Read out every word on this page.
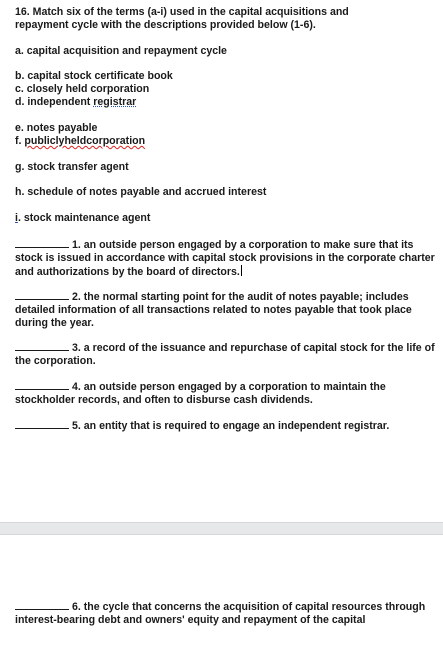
16. Match six of the terms (a-i) used in the capital acquisitions and
repayment cycle with the descriptions provided below (1-6).
a. capital acquisition and repayment cycle
b. capital stock certificate book
c. closely held corporation
d. independent registrar
e. notes payable
f. publiclyheldcorporation
g. stock transfer agent
h. schedule of notes payable and accrued interest
i. stock maintenance agent
1. an outside person engaged by a corporation to make sure that its stock is issued in accordance with capital stock provisions in the corporate charter and authorizations by the board of directors.
2. the normal starting point for the audit of notes payable; includes detailed information of all transactions related to notes payable that took place during the year.
3. a record of the issuance and repurchase of capital stock for the life of the corporation.
4. an outside person engaged by a corporation to maintain the stockholder records, and often to disburse cash dividends.
5. an entity that is required to engage an independent registrar.
6. the cycle that concerns the acquisition of capital resources through interest-bearing debt and owners' equity and repayment of the capital
